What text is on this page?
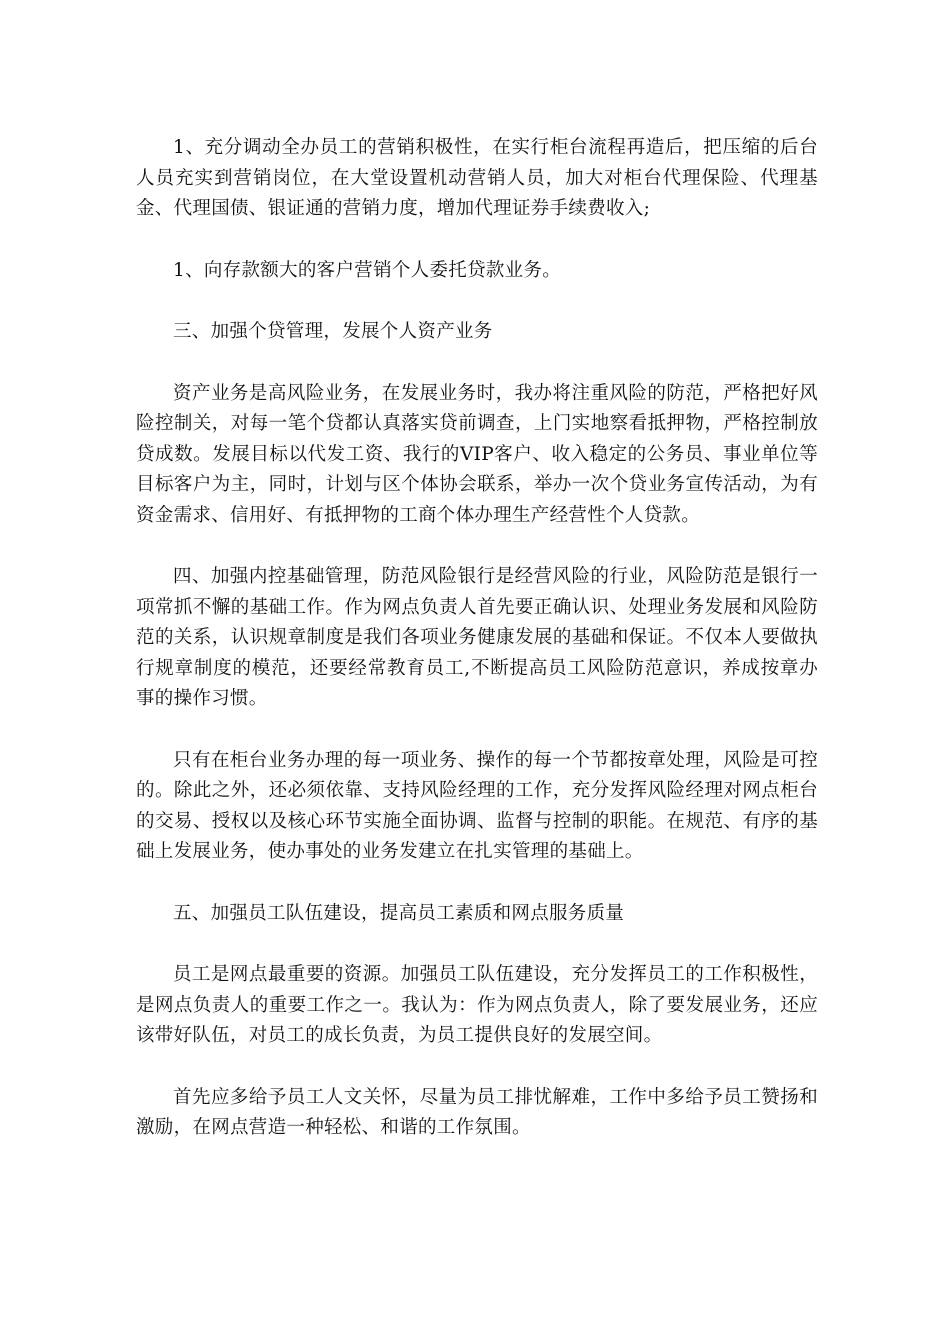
1、充分调动全办员工的营销积极性，在实行柜台流程再造后，把压缩的后台人员充实到营销岗位，在大堂设置机动营销人员，加大对柜台代理保险、代理基金、代理国债、银证通的营销力度，增加代理证券手续费收入;

1、向存款额大的客户营销个人委托贷款业务。

三、加强个贷管理，发展个人资产业务

资产业务是高风险业务，在发展业务时，我办将注重风险的防范，严格把好风险控制关，对每一笔个贷都认真落实贷前调查，上门实地察看抵押物，严格控制放贷成数。发展目标以代发工资、我行的VIP客户、收入稳定的公务员、事业单位等目标客户为主，同时，计划与区个体协会联系，举办一次个贷业务宣传活动，为有资金需求、信用好、有抵押物的工商个体办理生产经营性个人贷款。

四、加强内控基础管理，防范风险银行是经营风险的行业，风险防范是银行一项常抓不懈的基础工作。作为网点负责人首先要正确认识、处理业务发展和风险防范的关系，认识规章制度是我们各项业务健康发展的基础和保证。不仅本人要做执行规章制度的模范，还要经常教育员工,不断提高员工风险防范意识，养成按章办事的操作习惯。

只有在柜台业务办理的每一项业务、操作的每一个节都按章处理，风险是可控的。除此之外，还必须依靠、支持风险经理的工作，充分发挥风险经理对网点柜台的交易、授权以及核心环节实施全面协调、监督与控制的职能。在规范、有序的基础上发展业务，使办事处的业务发建立在扎实管理的基础上。

五、加强员工队伍建设，提高员工素质和网点服务质量

员工是网点最重要的资源。加强员工队伍建设，充分发挥员工的工作积极性，是网点负责人的重要工作之一。我认为：作为网点负责人，除了要发展业务，还应该带好队伍，对员工的成长负责，为员工提供良好的发展空间。

首先应多给予员工人文关怀，尽量为员工排忧解难，工作中多给予员工赞扬和激励，在网点营造一种轻松、和谐的工作氛围。
